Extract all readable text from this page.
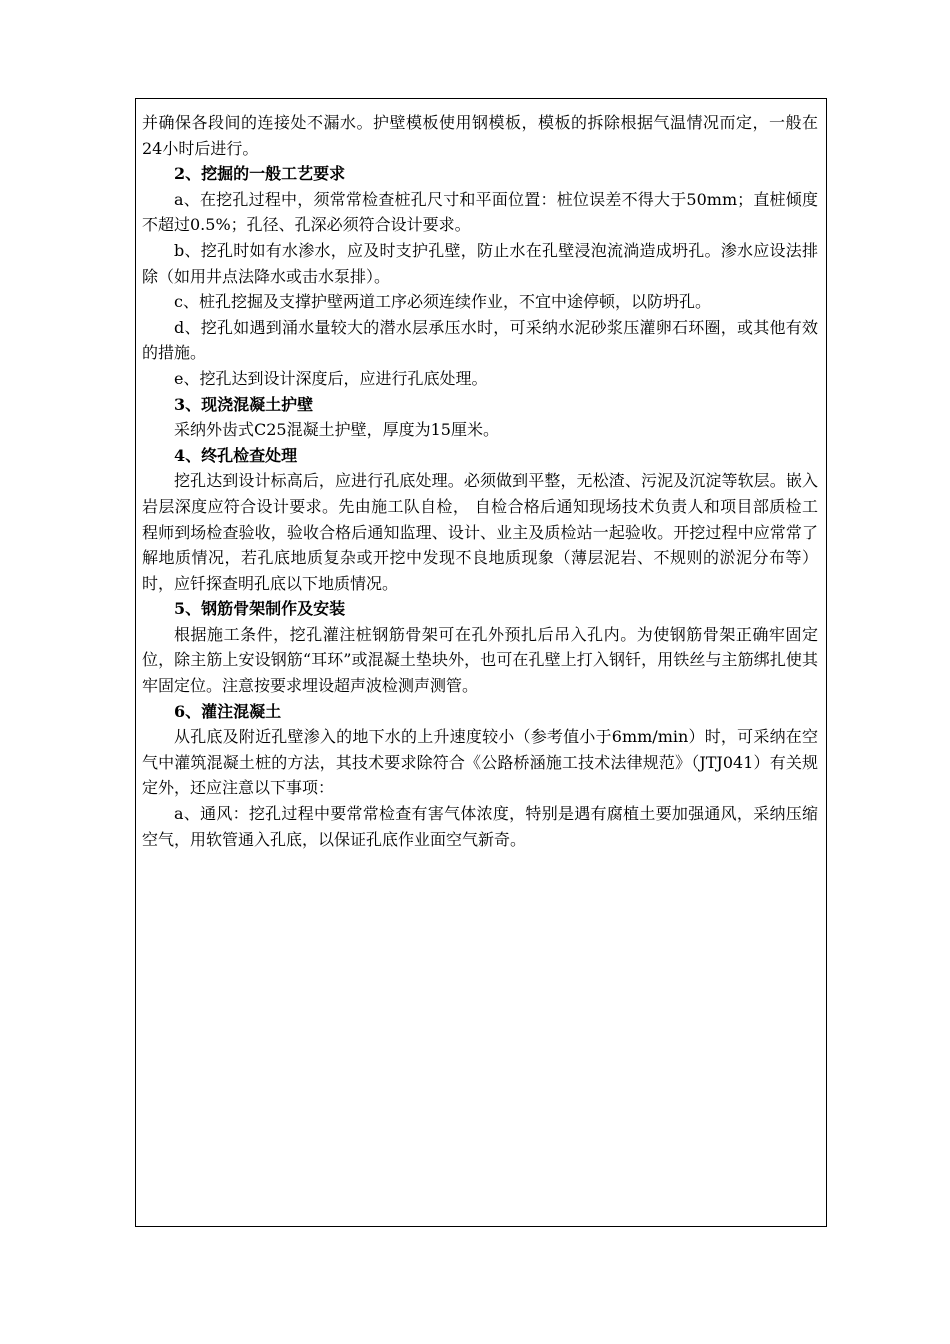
并确保各段间的连接处不漏水。护壁模板使用钢模板，模板的拆除根据气温情况而定，一般在24小时后进行。

2、挖掘的一般工艺要求

a、在挖孔过程中，须常常检查桩孔尺寸和平面位置：桩位误差不得大于50mm；直桩倾度不超过0.5%；孔径、孔深必须符合设计要求。

b、挖孔时如有水渗水，应及时支护孔壁，防止水在孔壁浸泡流淌造成坍孔。渗水应设法排除（如用井点法降水或击水泵排）。

c、桩孔挖掘及支撑护壁两道工序必须连续作业，不宜中途停顿，以防坍孔。

d、挖孔如遇到涌水量较大的潜水层承压水时，可采纳水泥砂浆压灌卵石环圈，或其他有效的措施。

e、挖孔达到设计深度后，应进行孔底处理。

3、现浇混凝土护壁

采纳外齿式C25混凝土护壁，厚度为15厘米。

4、终孔检查处理

挖孔达到设计标高后，应进行孔底处理。必须做到平整，无松渣、污泥及沉淀等软层。嵌入岩层深度应符合设计要求。先由施工队自检， 自检合格后通知现场技术负责人和项目部质检工程师到场检查验收，验收合格后通知监理、设计、业主及质检站一起验收。开挖过程中应常常了解地质情况，若孔底地质复杂或开挖中发现不良地质现象（薄层泥岩、不规则的淤泥分布等）时，应钎探查明孔底以下地质情况。

5、钢筋骨架制作及安装

根据施工条件，挖孔灌注桩钢筋骨架可在孔外预扎后吊入孔内。为使钢筋骨架正确牢固定位，除主筋上安设钢筋“耳环”或混凝土垫块外，也可在孔壁上打入钢钎，用铁丝与主筋绑扎使其牢固定位。注意按要求埋设超声波检测声测管。

6、灌注混凝土

从孔底及附近孔壁渗入的地下水的上升速度较小（参考值小于6mm/min）时，可采纳在空气中灌筑混凝土桩的方法，其技术要求除符合《公路桥涵施工技术法律规范》（JTJ041）有关规定外，还应注意以下事项：

a、通风：挖孔过程中要常常检查有害气体浓度，特别是遇有腐植土要加强通风，采纳压缩空气，用软管通入孔底，以保证孔底作业面空气新奇。
